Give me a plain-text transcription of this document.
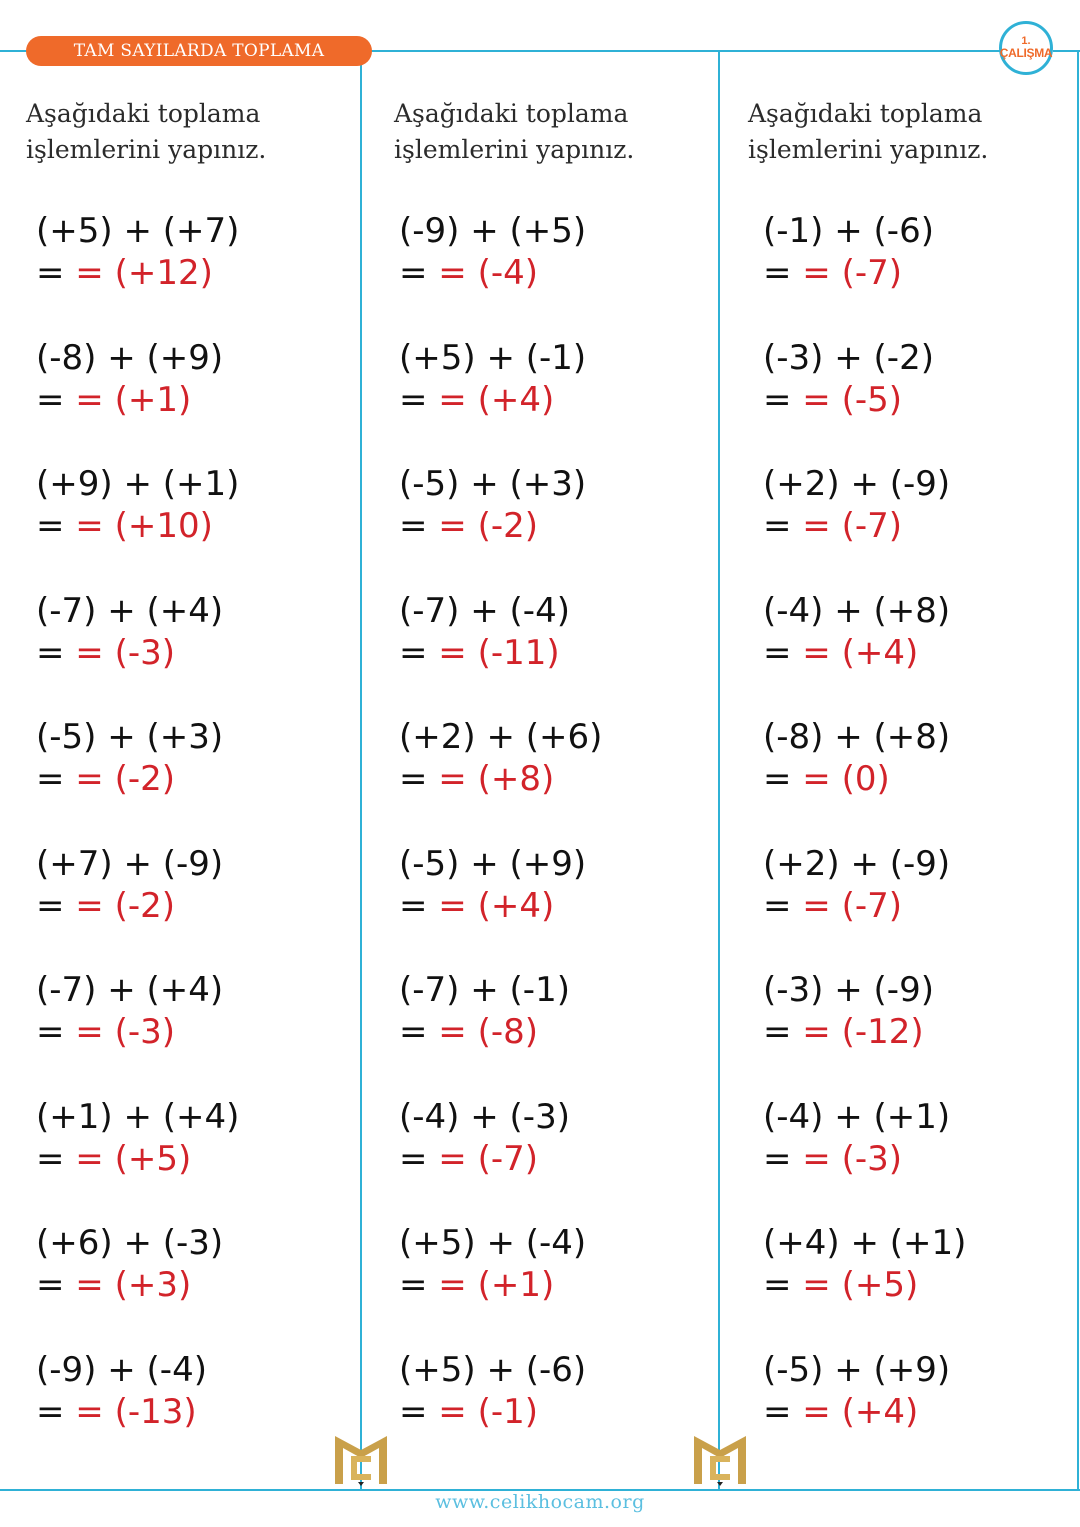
TAM SAYILARDA TOPLAMA
1.
ÇALIŞMA

Aşağıdaki toplama
işlemlerini yapınız.

(+5) + (+7)
= = (+12)
(-8) + (+9)
= = (+1)
(+9) + (+1)
= = (+10)
(-7) + (+4)
= = (-3)
(-5) + (+3)
= = (-2)
(+7) + (-9)
= = (-2)
(-7) + (+4)
= = (-3)
(+1) + (+4)
= = (+5)
(+6) + (-3)
= = (+3)
(-9) + (-4)
= = (-13)

Aşağıdaki toplama
işlemlerini yapınız.

(-9) + (+5)
= = (-4)
(+5) + (-1)
= = (+4)
(-5) + (+3)
= = (-2)
(-7) + (-4)
= = (-11)
(+2) + (+6)
= = (+8)
(-5) + (+9)
= = (+4)
(-7) + (-1)
= = (-8)
(-4) + (-3)
= = (-7)
(+5) + (-4)
= = (+1)
(+5) + (-6)
= = (-1)

Aşağıdaki toplama
işlemlerini yapınız.

(-1) + (-6)
= = (-7)
(-3) + (-2)
= = (-5)
(+2) + (-9)
= = (-7)
(-4) + (+8)
= = (+4)
(-8) + (+8)
= = (0)
(+2) + (-9)
= = (-7)
(-3) + (-9)
= = (-12)
(-4) + (+1)
= = (-3)
(+4) + (+1)
= = (+5)
(-5) + (+9)
= = (+4)
www.celikhocam.org
